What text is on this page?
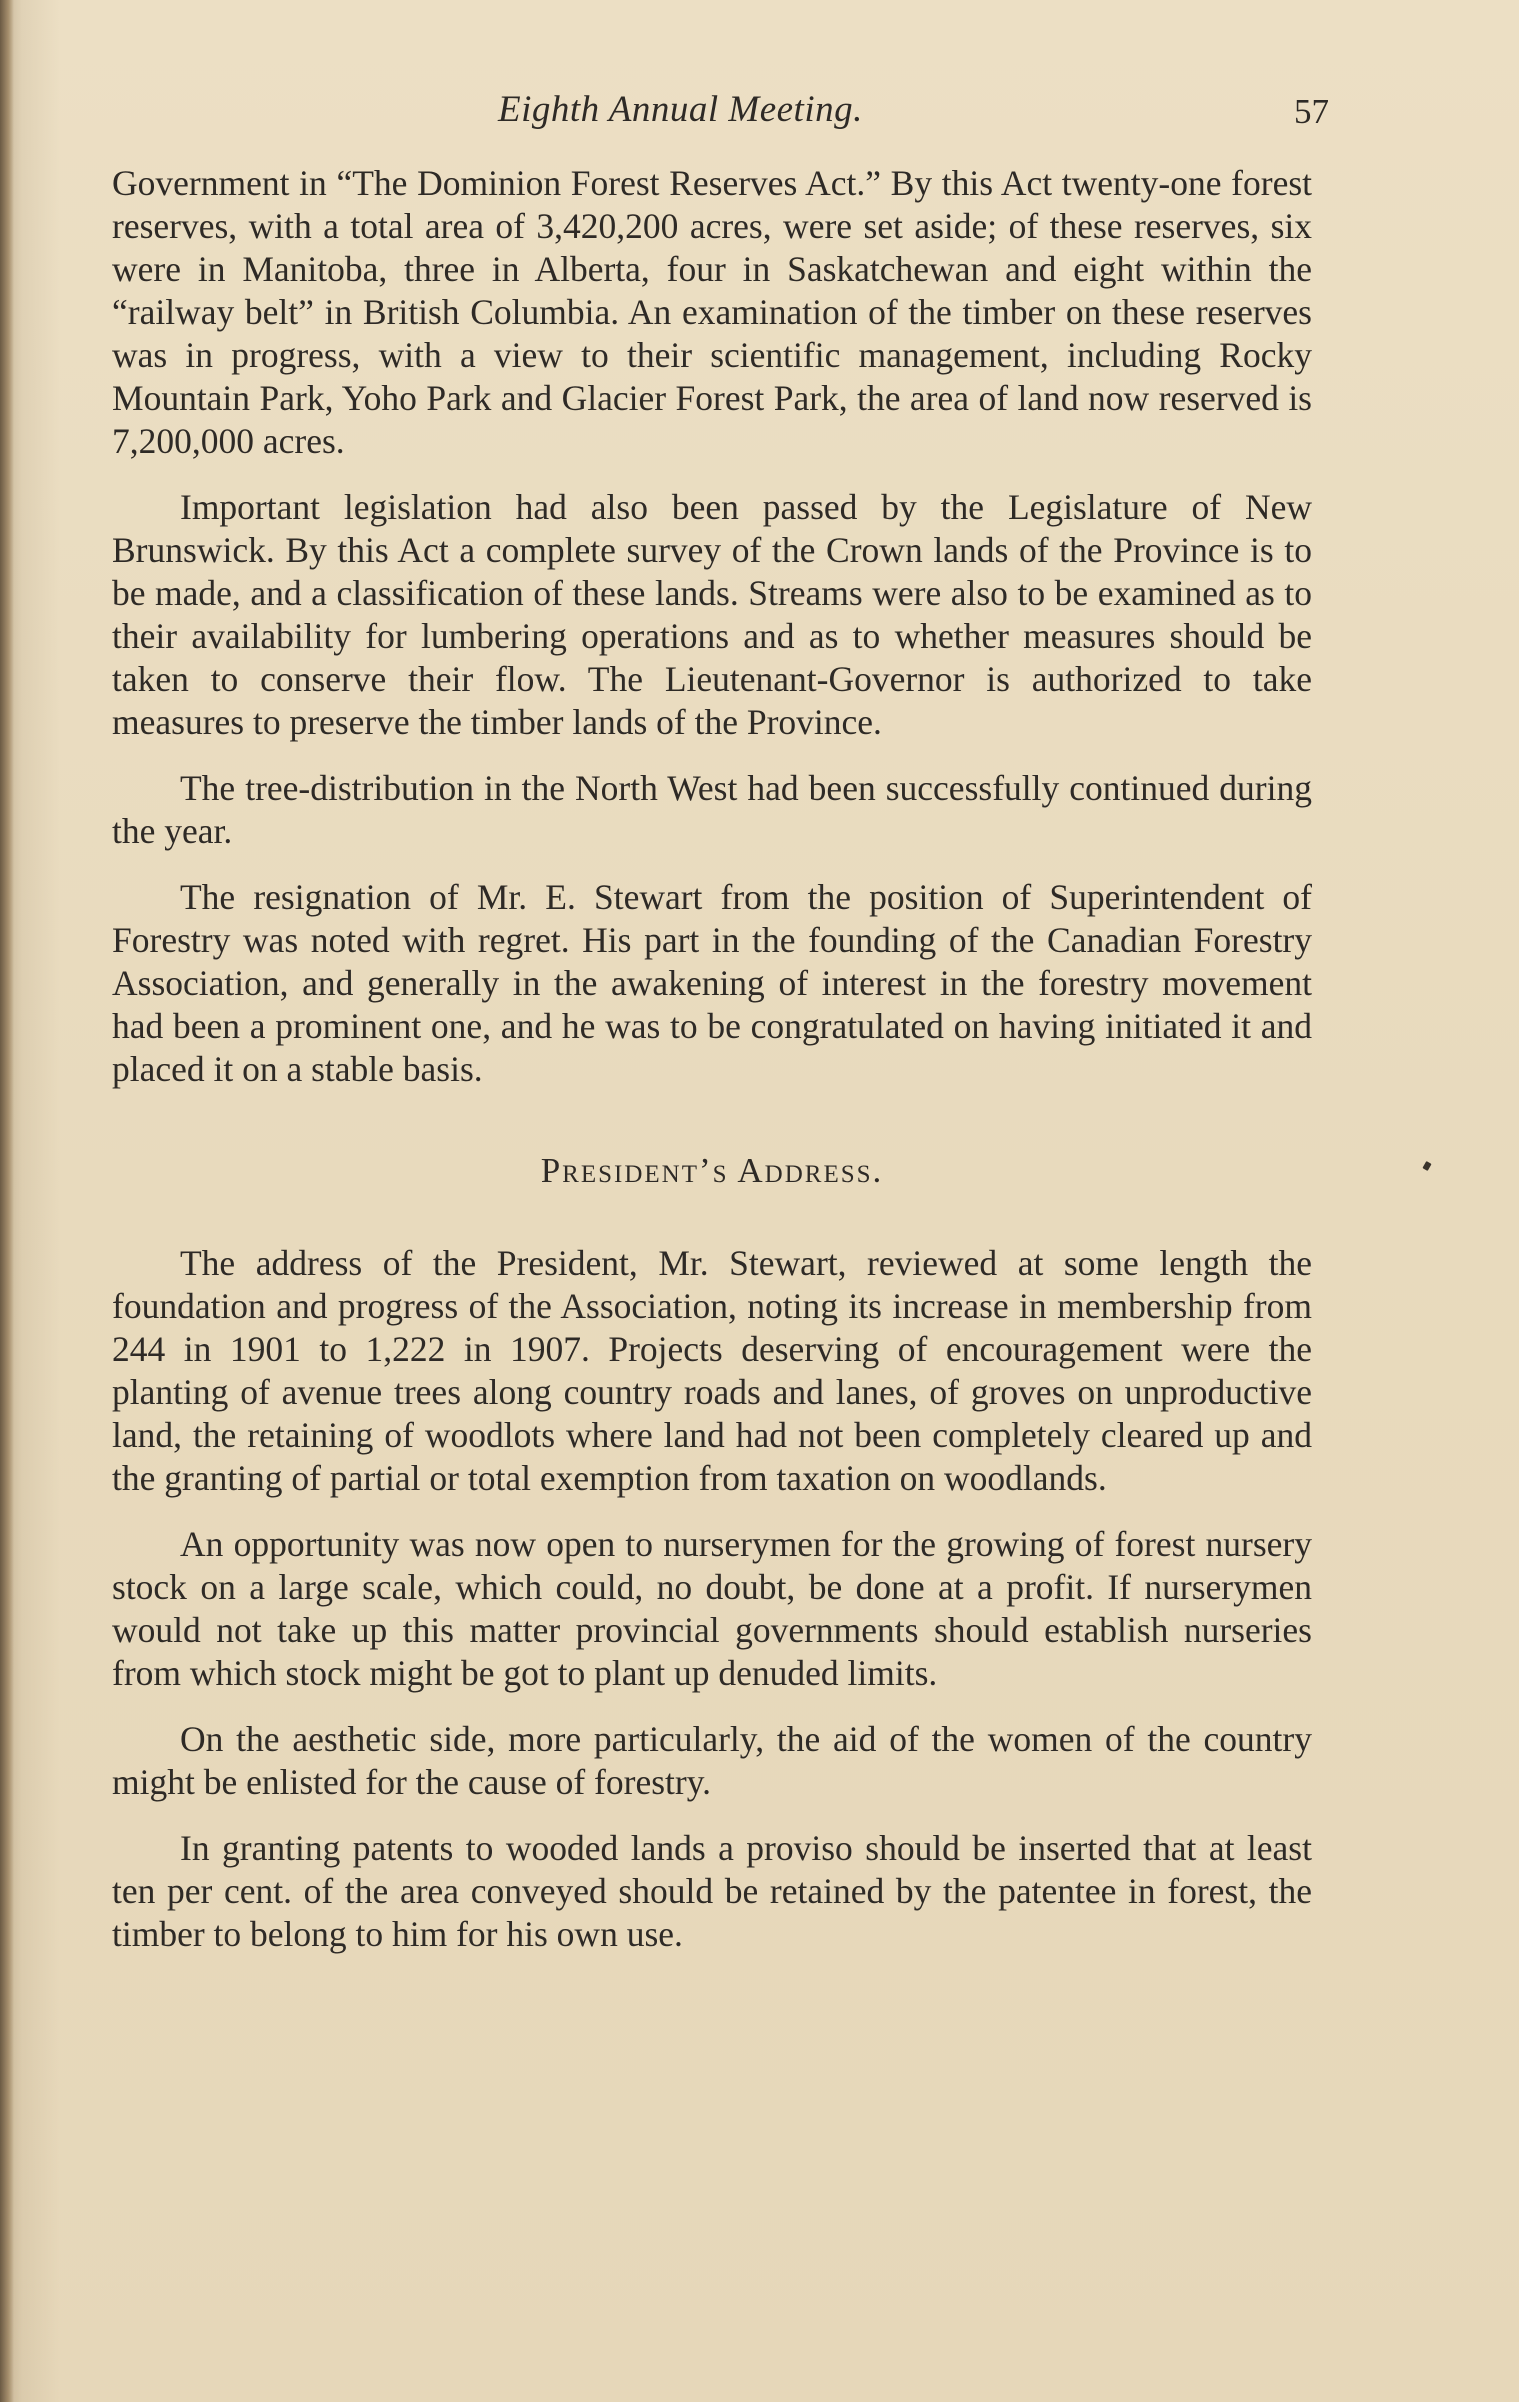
Eighth Annual Meeting.	57

Government in “The Dominion Forest Reserves Act.” By this Act twenty-one forest reserves, with a total area of 3,420,200 acres, were set aside; of these reserves, six were in Manitoba, three in Alberta, four in Saskatchewan and eight within the “railway belt” in British Columbia. An examination of the timber on these reserves was in progress, with a view to their scientific management, including Rocky Mountain Park, Yoho Park and Glacier Forest Park, the area of land now reserved is 7,200,000 acres.

Important legislation had also been passed by the Legislature of New Brunswick. By this Act a complete survey of the Crown lands of the Province is to be made, and a classification of these lands. Streams were also to be examined as to their availability for lumbering operations and as to whether measures should be taken to conserve their flow. The Lieutenant-Governor is authorized to take measures to preserve the timber lands of the Province.

The tree-distribution in the North West had been successfully continued during the year.

The resignation of Mr. E. Stewart from the position of Superintendent of Forestry was noted with regret. His part in the founding of the Canadian Forestry Association, and generally in the awakening of interest in the forestry movement had been a prominent one, and he was to be congratulated on having initiated it and placed it on a stable basis.

President’s Address.

The address of the President, Mr. Stewart, reviewed at some length the foundation and progress of the Association, noting its increase in membership from 244 in 1901 to 1,222 in 1907. Projects deserving of encouragement were the planting of avenue trees along country roads and lanes, of groves on unproductive land, the retaining of woodlots where land had not been completely cleared up and the granting of partial or total exemption from taxation on woodlands.

An opportunity was now open to nurserymen for the growing of forest nursery stock on a large scale, which could, no doubt, be done at a profit. If nurserymen would not take up this matter provincial governments should establish nurseries from which stock might be got to plant up denuded limits.

On the aesthetic side, more particularly, the aid of the women of the country might be enlisted for the cause of forestry.

In granting patents to wooded lands a proviso should be inserted that at least ten per cent. of the area conveyed should be retained by the patentee in forest, the timber to belong to him for his own use.
